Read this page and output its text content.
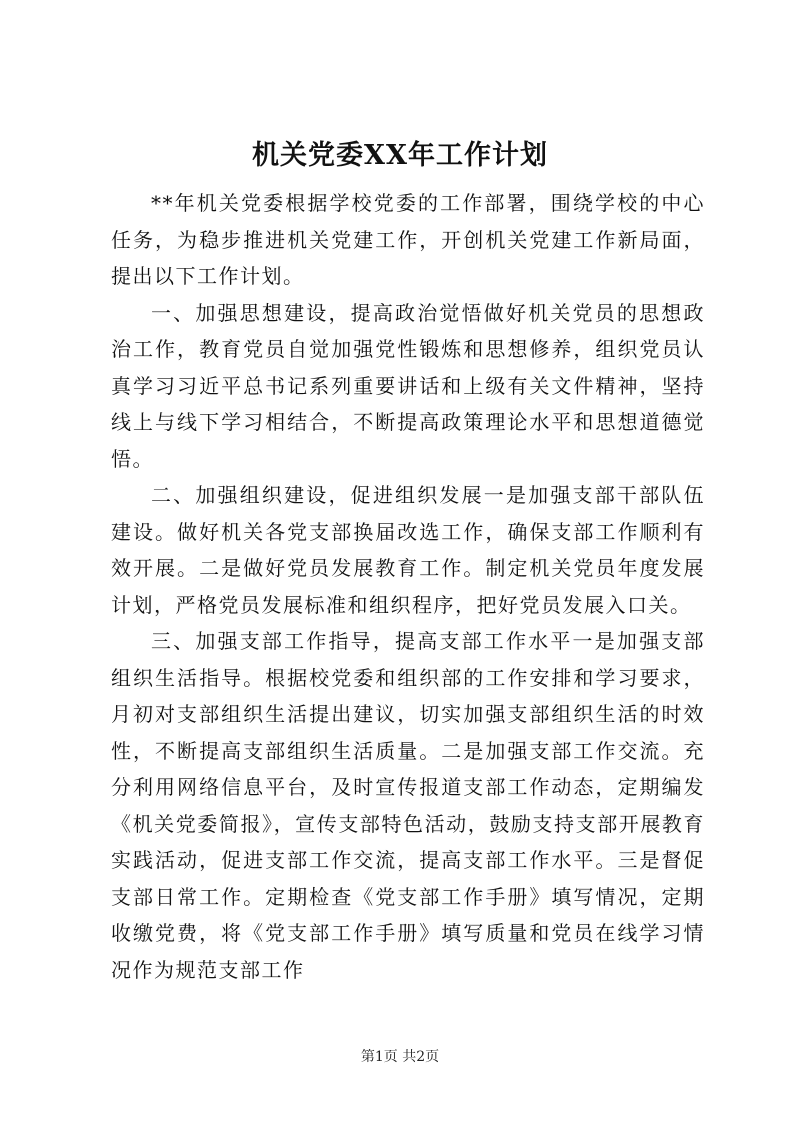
机关党委XX年工作计划

**年机关党委根据学校党委的工作部署，围绕学校的中心任务，为稳步推进机关党建工作，开创机关党建工作新局面，提出以下工作计划。

一、加强思想建设，提高政治觉悟做好机关党员的思想政治工作，教育党员自觉加强党性锻炼和思想修养，组织党员认真学习习近平总书记系列重要讲话和上级有关文件精神，坚持线上与线下学习相结合，不断提高政策理论水平和思想道德觉悟。

二、加强组织建设，促进组织发展一是加强支部干部队伍建设。做好机关各党支部换届改选工作，确保支部工作顺利有效开展。二是做好党员发展教育工作。制定机关党员年度发展计划，严格党员发展标准和组织程序，把好党员发展入口关。

三、加强支部工作指导，提高支部工作水平一是加强支部组织生活指导。根据校党委和组织部的工作安排和学习要求，月初对支部组织生活提出建议，切实加强支部组织生活的时效性，不断提高支部组织生活质量。二是加强支部工作交流。充分利用网络信息平台，及时宣传报道支部工作动态，定期编发《机关党委简报》，宣传支部特色活动，鼓励支持支部开展教育实践活动，促进支部工作交流，提高支部工作水平。三是督促支部日常工作。定期检查《党支部工作手册》填写情况，定期收缴党费，将《党支部工作手册》填写质量和党员在线学习情况作为规范支部工作

第1页 共2页
